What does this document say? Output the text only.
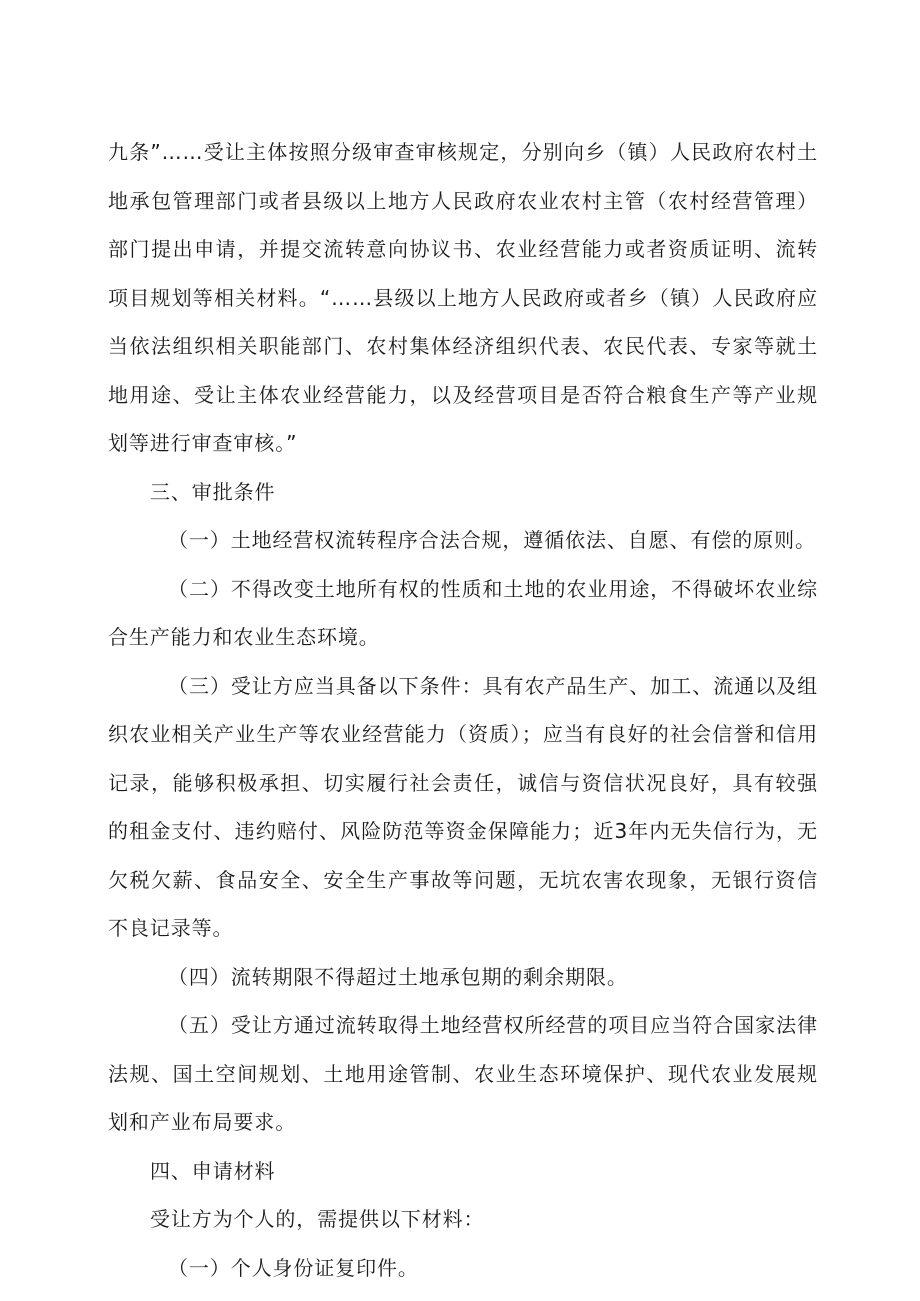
九条”……受让主体按照分级审查审核规定，分别向乡（镇）人民政府农村土地承包管理部门或者县级以上地方人民政府农业农村主管（农村经营管理）部门提出申请，并提交流转意向协议书、农业经营能力或者资质证明、流转项目规划等相关材料。“……县级以上地方人民政府或者乡（镇）人民政府应当依法组织相关职能部门、农村集体经济组织代表、农民代表、专家等就土地用途、受让主体农业经营能力，以及经营项目是否符合粮食生产等产业规划等进行审查审核。”

三、审批条件

（一）土地经营权流转程序合法合规，遵循依法、自愿、有偿的原则。

（二）不得改变土地所有权的性质和土地的农业用途，不得破坏农业综合生产能力和农业生态环境。

（三）受让方应当具备以下条件：具有农产品生产、加工、流通以及组织农业相关产业生产等农业经营能力（资质）；应当有良好的社会信誉和信用记录，能够积极承担、切实履行社会责任，诚信与资信状况良好，具有较强的租金支付、违约赔付、风险防范等资金保障能力；近3年内无失信行为，无欠税欠薪、食品安全、安全生产事故等问题，无坑农害农现象，无银行资信不良记录等。

（四）流转期限不得超过土地承包期的剩余期限。

（五）受让方通过流转取得土地经营权所经营的项目应当符合国家法律法规、国土空间规划、土地用途管制、农业生态环境保护、现代农业发展规划和产业布局要求。

四、申请材料

受让方为个人的，需提供以下材料：

（一）个人身份证复印件。
